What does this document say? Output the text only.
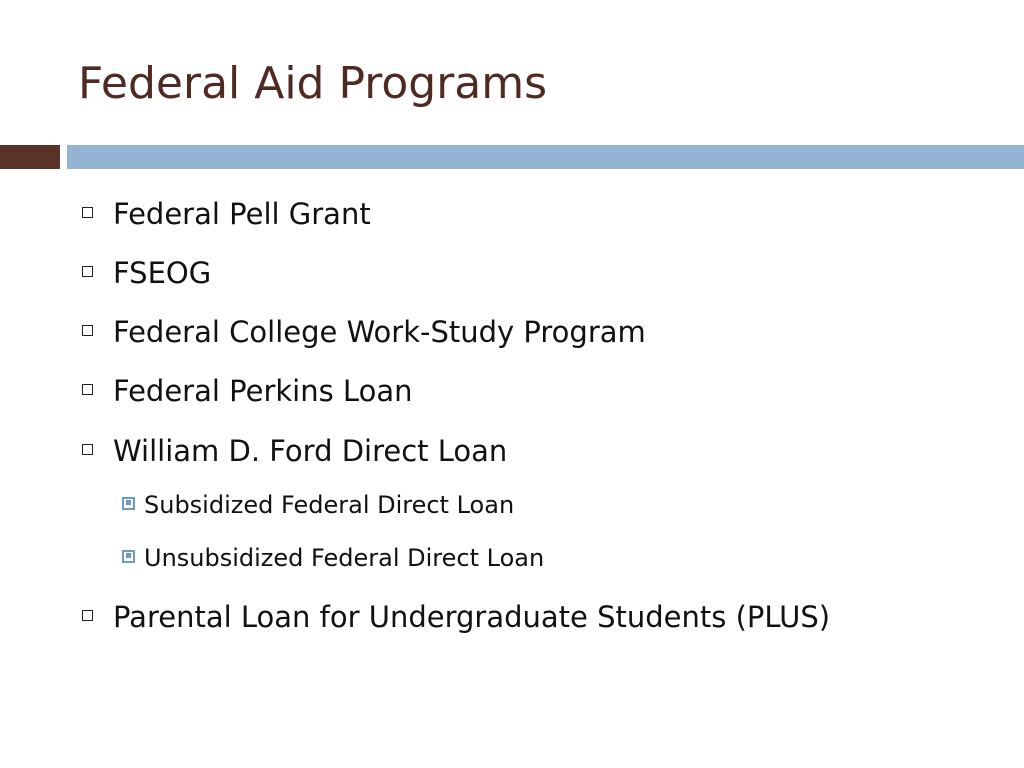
Federal Aid Programs
Federal Pell Grant
FSEOG
Federal College Work-Study Program
Federal Perkins Loan
William D. Ford Direct Loan
Subsidized Federal Direct Loan
Unsubsidized Federal Direct Loan
Parental Loan for Undergraduate Students (PLUS)
